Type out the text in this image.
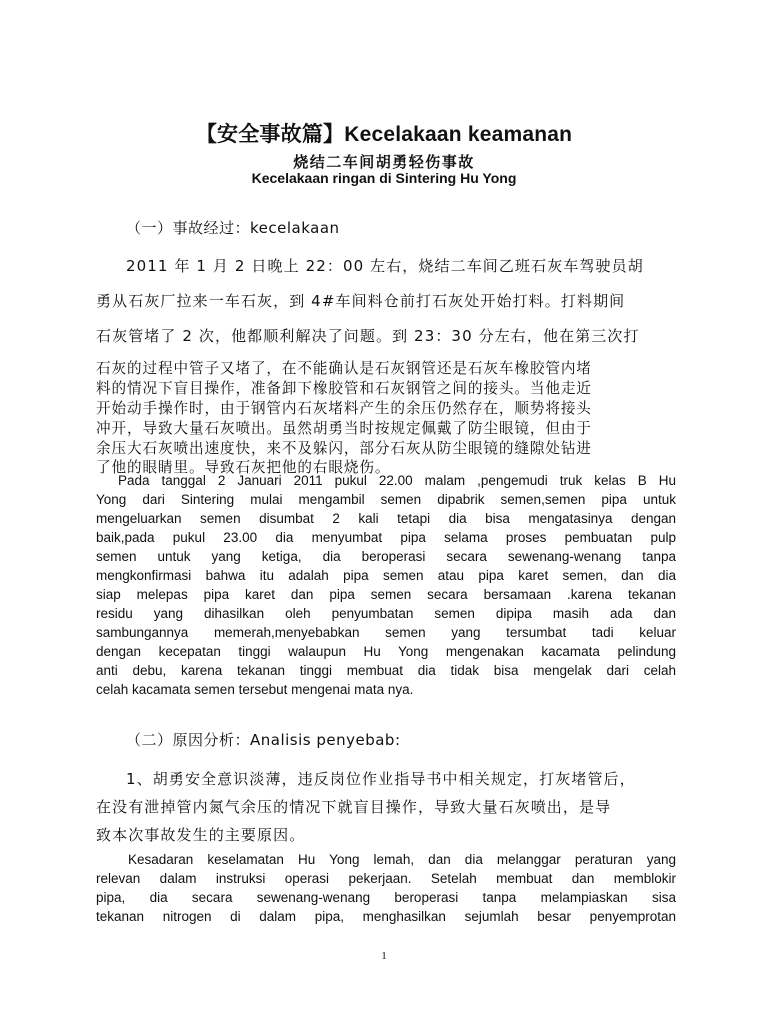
【安全事故篇】Kecelakaan keamanan
烧结二车间胡勇轻伤事故
Kecelakaan ringan di Sintering Hu Yong
（一）事故经过：kecelakaan
2011 年 1 月 2 日晚上 22：00 左右，烧结二车间乙班石灰车驾驶员胡
勇从石灰厂拉来一车石灰，到 4#车间料仓前打石灰处开始打料。打料期间
石灰管堵了 2 次，他都顺利解决了问题。到 23：30 分左右，他在第三次打
石灰的过程中管子又堵了，在不能确认是石灰钢管还是石灰车橡胶管内堵
料的情况下盲目操作，准备卸下橡胶管和石灰钢管之间的接头。当他走近
开始动手操作时，由于钢管内石灰堵料产生的余压仍然存在，顺势将接头
冲开，导致大量石灰喷出。虽然胡勇当时按规定佩戴了防尘眼镜，但由于
余压大石灰喷出速度快，来不及躲闪，部分石灰从防尘眼镜的缝隙处钻进
了他的眼睛里。导致石灰把他的右眼烧伤。
Pada tanggal 2 Januari 2011 pukul 22.00 malam ,pengemudi truk kelas B Hu
Yong dari Sintering mulai mengambil semen dipabrik semen,semen pipa untuk
mengeluarkan semen disumbat 2 kali tetapi dia bisa mengatasinya dengan
baik,pada pukul 23.00 dia menyumbat pipa selama proses pembuatan pulp
semen untuk yang ketiga, dia beroperasi secara sewenang-wenang tanpa
mengkonfirmasi bahwa itu adalah pipa semen atau pipa karet semen, dan dia
siap melepas pipa karet dan pipa semen secara bersamaan .karena tekanan
residu yang dihasilkan oleh penyumbatan semen dipipa masih ada dan
sambungannya memerah,menyebabkan semen yang tersumbat tadi keluar
dengan kecepatan tinggi walaupun Hu Yong mengenakan kacamata pelindung
anti debu, karena tekanan tinggi membuat dia tidak bisa mengelak dari celah
celah kacamata semen tersebut mengenai mata nya.
（二）原因分析：Analisis penyebab:
1、胡勇安全意识淡薄，违反岗位作业指导书中相关规定，打灰堵管后，
在没有泄掉管内氮气余压的情况下就盲目操作，导致大量石灰喷出，是导
致本次事故发生的主要原因。
Kesadaran keselamatan Hu Yong lemah, dan dia melanggar peraturan yang
relevan dalam instruksi operasi pekerjaan. Setelah membuat dan memblokir
pipa, dia secara sewenang-wenang beroperasi tanpa melampiaskan sisa
tekanan nitrogen di dalam pipa, menghasilkan sejumlah besar penyemprotan
1
